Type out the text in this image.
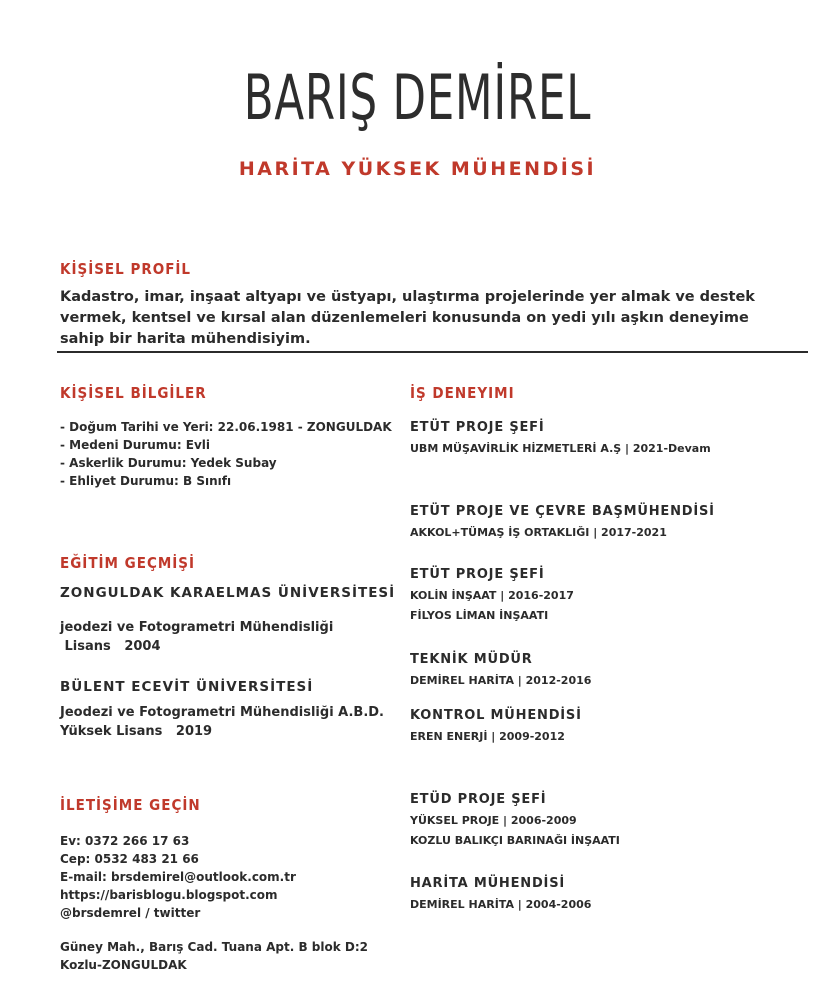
BARIŞ DEMİREL
HARİTA YÜKSEK MÜHENDİSİ
KİŞİSEL PROFİL
Kadastro, imar, inşaat altyapı ve üstyapı, ulaştırma projelerinde yer almak ve destek vermek, kentsel ve kırsal alan düzenlemeleri konusunda on yedi yılı aşkın deneyime sahip bir harita mühendisiyim.
KİŞİSEL BİLGİLER
- Doğum Tarihi ve Yeri: 22.06.1981 - ZONGULDAK
- Medeni Durumu: Evli
- Askerlik Durumu: Yedek Subay
- Ehliyet Durumu: B Sınıfı
EĞİTİM GEÇMİŞİ
ZONGULDAK KARAELMAS ÜNİVERSİTESİ
jeodezi ve Fotogrametri Mühendisliği
Lisans   2004
BÜLENT ECEVİT ÜNİVERSİTESİ
Jeodezi ve Fotogrametri Mühendisliği A.B.D.
Yüksek Lisans   2019
İLETİŞİME GEÇİN
Ev: 0372 266 17 63
Cep: 0532 483 21 66
E-mail: brsdemirel@outlook.com.tr
https://barisblogu.blogspot.com
@brsdemrel / twitter
Güney Mah., Barış Cad. Tuana Apt. B blok D:2
Kozlu-ZONGULDAK
İŞ DENEYIMI
ETÜT PROJE ŞEFİ
UBM MÜŞAVİRLİK HİZMETLERİ A.Ş | 2021-Devam
ETÜT PROJE VE ÇEVRE BAŞMÜHENDİSİ
AKKOL+TÜMAŞ İŞ ORTAKLIĞI | 2017-2021
ETÜT PROJE ŞEFİ
KOLİN İNŞAAT | 2016-2017
FİLYOS LİMAN İNŞAATI
TEKNİK MÜDÜR
DEMİREL HARİTA | 2012-2016
KONTROL MÜHENDİSİ
EREN ENERJİ | 2009-2012
ETÜD PROJE ŞEFİ
YÜKSEL PROJE | 2006-2009
KOZLU BALIKÇI BARINAĞI İNŞAATI
HARİTA MÜHENDİSİ
DEMİREL HARİTA | 2004-2006
